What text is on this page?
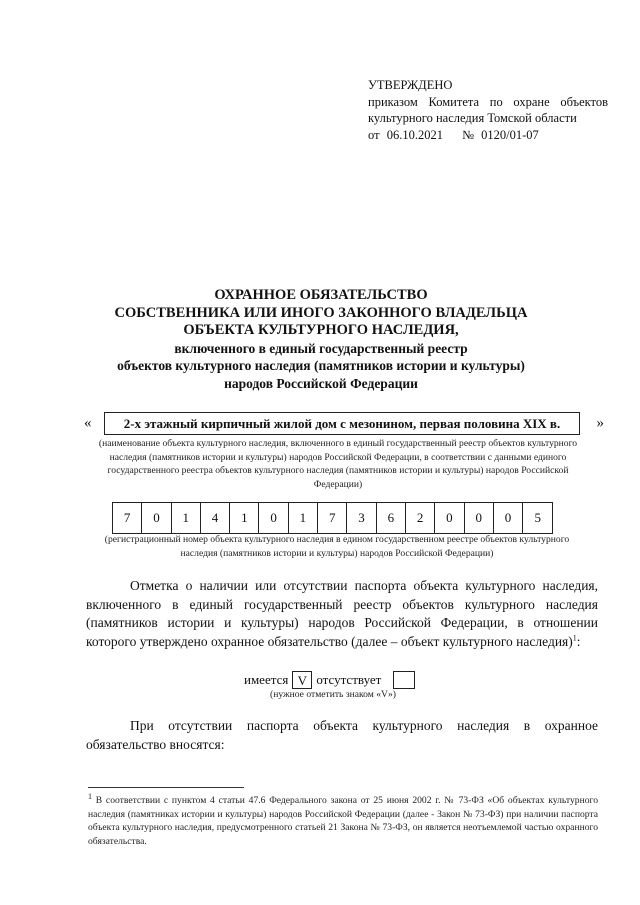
УТВЕРЖДЕНО
приказом Комитета по охране объектов
культурного наследия Томской области
от 06.10.2021 № 0120/01-07
ОХРАННОЕ ОБЯЗАТЕЛЬСТВО
СОБСТВЕННИКА ИЛИ ИНОГО ЗАКОННОГО ВЛАДЕЛЬЦА
ОБЪЕКТА КУЛЬТУРНОГО НАСЛЕДИЯ,
включенного в единый государственный реестр
объектов культурного наследия (памятников истории и культуры)
народов Российской Федерации
«	2-х этажный кирпичный жилой дом с мезонином, первая половина XIX в.	»
(наименование объекта культурного наследия, включенного в единый государственный реестр объектов культурного наследия (памятников истории и культуры) народов Российской Федерации, в соответствии с данными единого государственного реестра объектов культурного наследия (памятников истории и культуры) народов Российской Федерации)
7	0	1	4	1	0	1	7	3	6	2	0	0	0	5
(регистрационный номер объекта культурного наследия в едином государственном реестре объектов культурного наследия (памятников истории и культуры) народов Российской Федерации)
Отметка о наличии или отсутствии паспорта объекта культурного наследия, включенного в единый государственный реестр объектов культурного наследия (памятников истории и культуры) народов Российской Федерации, в отношении которого утверждено охранное обязательство (далее – объект культурного наследия)$^1$:
имеется V отсутствует
(нужное отметить знаком «V»)
При отсутствии паспорта объекта культурного наследия в охранное обязательство вносятся:
$^1$ В соответствии с пунктом 4 статьи 47.6 Федерального закона от 25 июня 2002 г. № 73-ФЗ «Об объектах культурного наследия (памятниках истории и культуры) народов Российской Федерации (далее - Закон № 73-ФЗ) при наличии паспорта объекта культурного наследия, предусмотренного статьей 21 Закона № 73-ФЗ, он является неотъемлемой частью охранного обязательства.
